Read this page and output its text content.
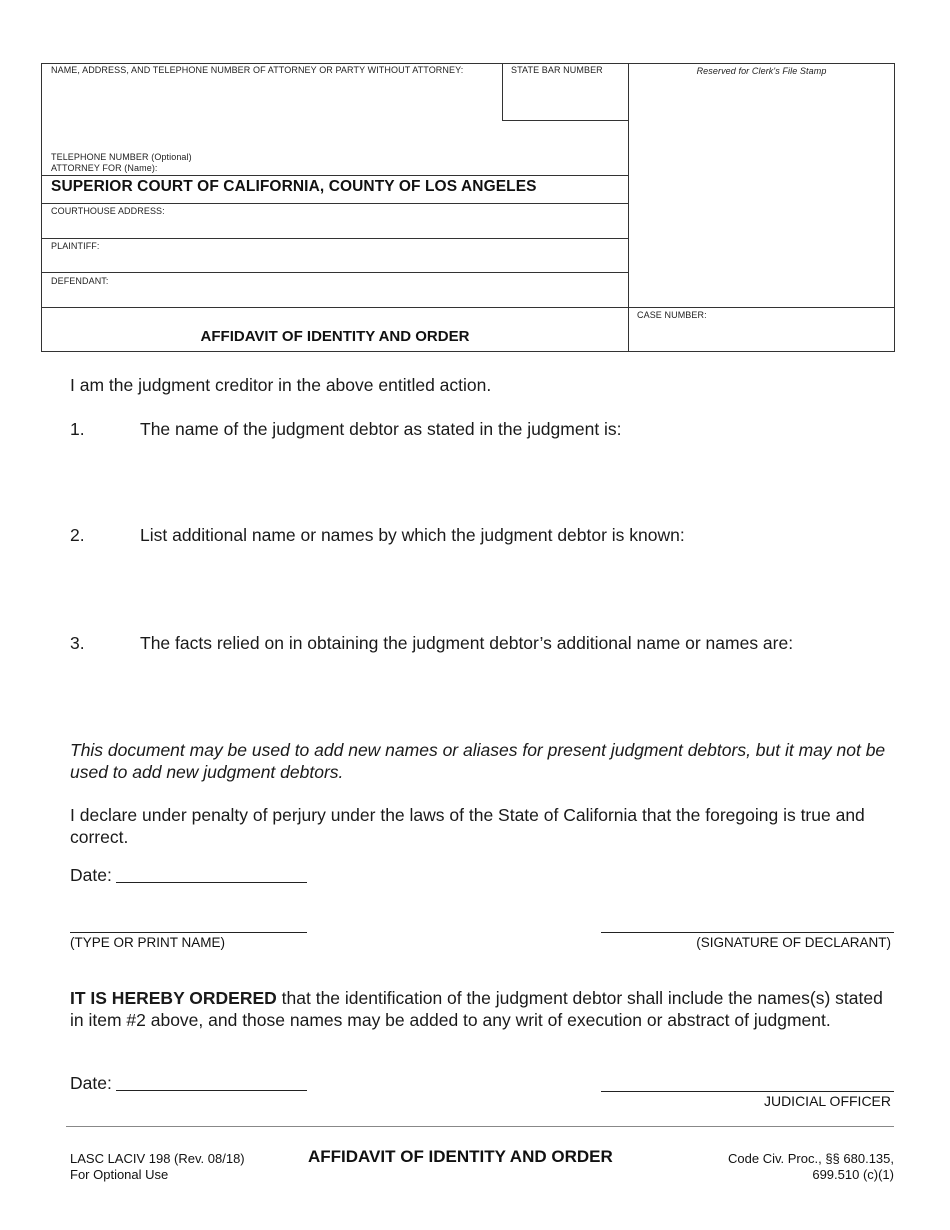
NAME, ADDRESS, AND TELEPHONE NUMBER OF ATTORNEY OR PARTY WITHOUT ATTORNEY:	STATE BAR NUMBER	Reserved for Clerk's File Stamp
TELEPHONE NUMBER (Optional)
ATTORNEY FOR (Name):
SUPERIOR COURT OF CALIFORNIA, COUNTY OF LOS ANGELES
COURTHOUSE ADDRESS:
PLAINTIFF:
DEFENDANT:
CASE NUMBER:
AFFIDAVIT OF IDENTITY AND ORDER
I am the judgment creditor in the above entitled action.
1.	The name of the judgment debtor as stated in the judgment is:
2.	List additional name or names by which the judgment debtor is known:
3.	The facts relied on in obtaining the judgment debtor’s additional name or names are:
This document may be used to add new names or aliases for present judgment debtors, but it may not be used to add new judgment debtors.
I declare under penalty of perjury under the laws of the State of California that the foregoing is true and correct.
Date:
(TYPE OR PRINT NAME)	(SIGNATURE OF DECLARANT)
IT IS HEREBY ORDERED that the identification of the judgment debtor shall include the names(s) stated in item #2 above, and those names may be added to any writ of execution or abstract of judgment.
Date:
JUDICIAL OFFICER
LASC LACIV 198 (Rev. 08/18)
For Optional Use
AFFIDAVIT OF IDENTITY AND ORDER	Code Civ. Proc., §§ 680.135,
699.510 (c)(1)
